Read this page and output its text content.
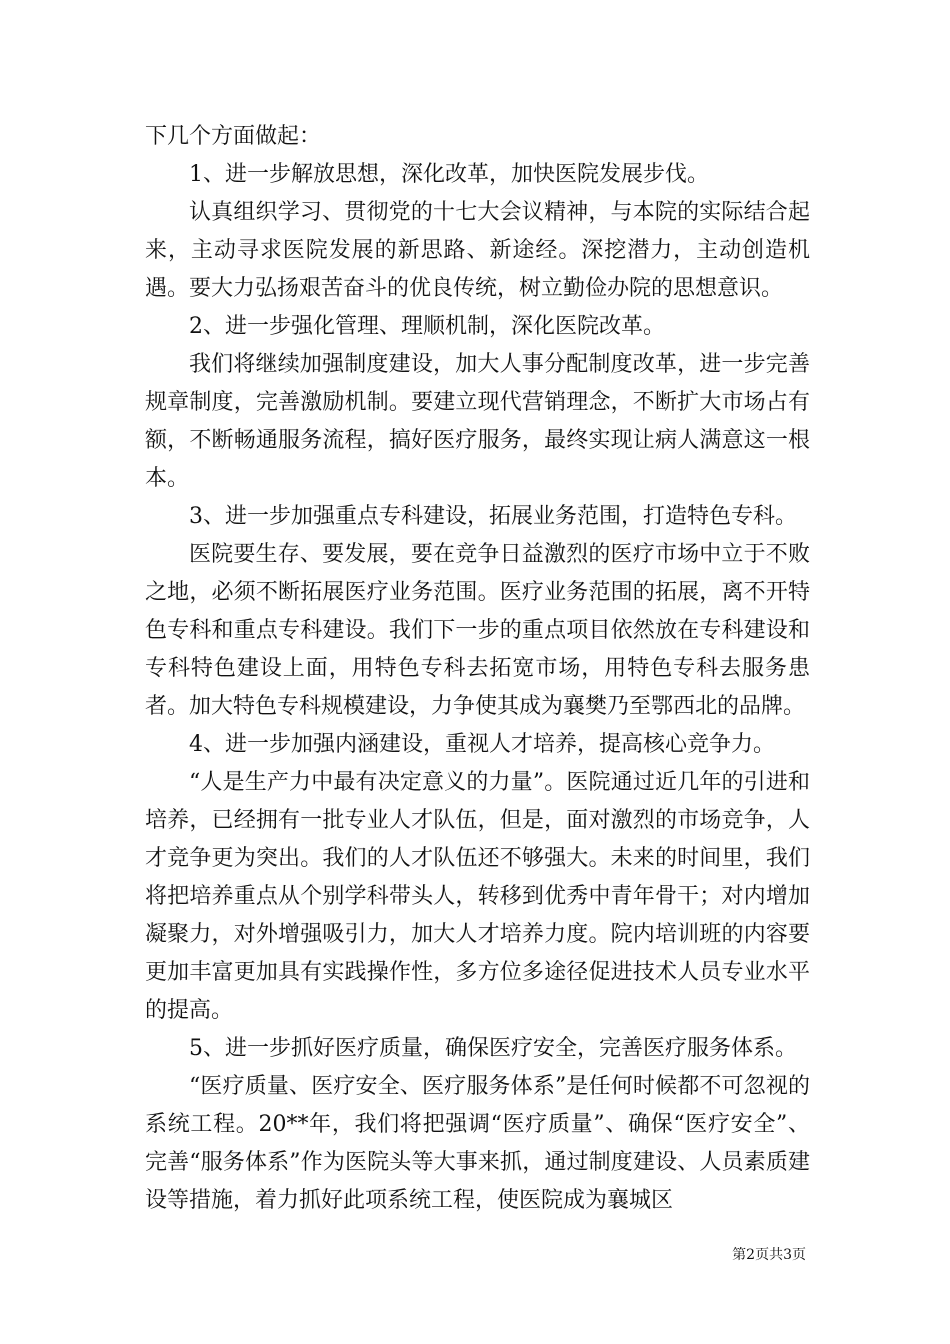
下几个方面做起：

1、进一步解放思想，深化改革，加快医院发展步伐。

认真组织学习、贯彻党的十七大会议精神，与本院的实际结合起来，主动寻求医院发展的新思路、新途经。深挖潜力，主动创造机遇。要大力弘扬艰苦奋斗的优良传统，树立勤俭办院的思想意识。

2、进一步强化管理、理顺机制，深化医院改革。

我们将继续加强制度建设，加大人事分配制度改革，进一步完善规章制度，完善激励机制。要建立现代营销理念，不断扩大市场占有额，不断畅通服务流程，搞好医疗服务，最终实现让病人满意这一根本。

3、进一步加强重点专科建设，拓展业务范围，打造特色专科。

医院要生存、要发展，要在竞争日益激烈的医疗市场中立于不败之地，必须不断拓展医疗业务范围。医疗业务范围的拓展，离不开特色专科和重点专科建设。我们下一步的重点项目依然放在专科建设和专科特色建设上面，用特色专科去拓宽市场，用特色专科去服务患者。加大特色专科规模建设，力争使其成为襄樊乃至鄂西北的品牌。

4、进一步加强内涵建设，重视人才培养，提高核心竞争力。

“人是生产力中最有决定意义的力量”。医院通过近几年的引进和培养，已经拥有一批专业人才队伍，但是，面对激烈的市场竞争，人才竞争更为突出。我们的人才队伍还不够强大。未来的时间里，我们将把培养重点从个别学科带头人，转移到优秀中青年骨干；对内增加凝聚力，对外增强吸引力，加大人才培养力度。院内培训班的内容要更加丰富更加具有实践操作性，多方位多途径促进技术人员专业水平的提高。

5、进一步抓好医疗质量，确保医疗安全，完善医疗服务体系。

“医疗质量、医疗安全、医疗服务体系”是任何时候都不可忽视的系统工程。20**年，我们将把强调“医疗质量”、确保“医疗安全”、完善“服务体系”作为医院头等大事来抓，通过制度建设、人员素质建设等措施，着力抓好此项系统工程，使医院成为襄城区

第2页共3页
